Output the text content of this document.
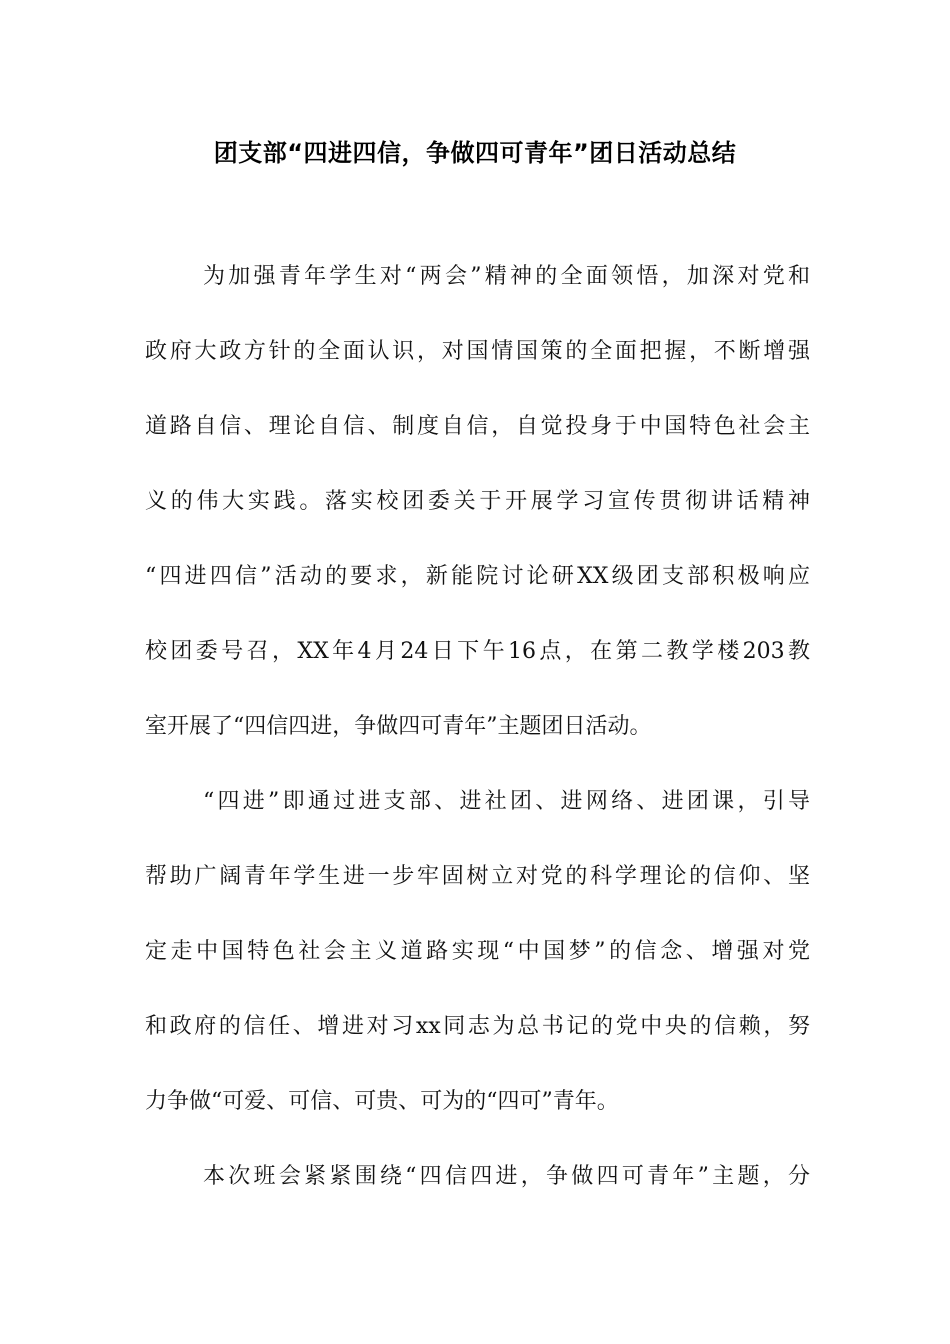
团支部“四进四信，争做四可青年”团日活动总结
为加强青年学生对“两会”精神的全面领悟，加深对党和
政府大政方针的全面认识，对国情国策的全面把握，不断增强
道路自信、理论自信、制度自信，自觉投身于中国特色社会主
义的伟大实践。落实校团委关于开展学习宣传贯彻讲话精神
“四进四信”活动的要求，新能院讨论研XX级团支部积极响应
校团委号召，XX年4月24日下午16点，在第二教学楼203教
室开展了“四信四进，争做四可青年”主题团日活动。
“四进”即通过进支部、进社团、进网络、进团课，引导
帮助广阔青年学生进一步牢固树立对党的科学理论的信仰、坚
定走中国特色社会主义道路实现“中国梦”的信念、增强对党
和政府的信任、增进对习xx同志为总书记的党中央的信赖，努
力争做“可爱、可信、可贵、可为的“四可”青年。
本次班会紧紧围绕“四信四进，争做四可青年”主题，分
